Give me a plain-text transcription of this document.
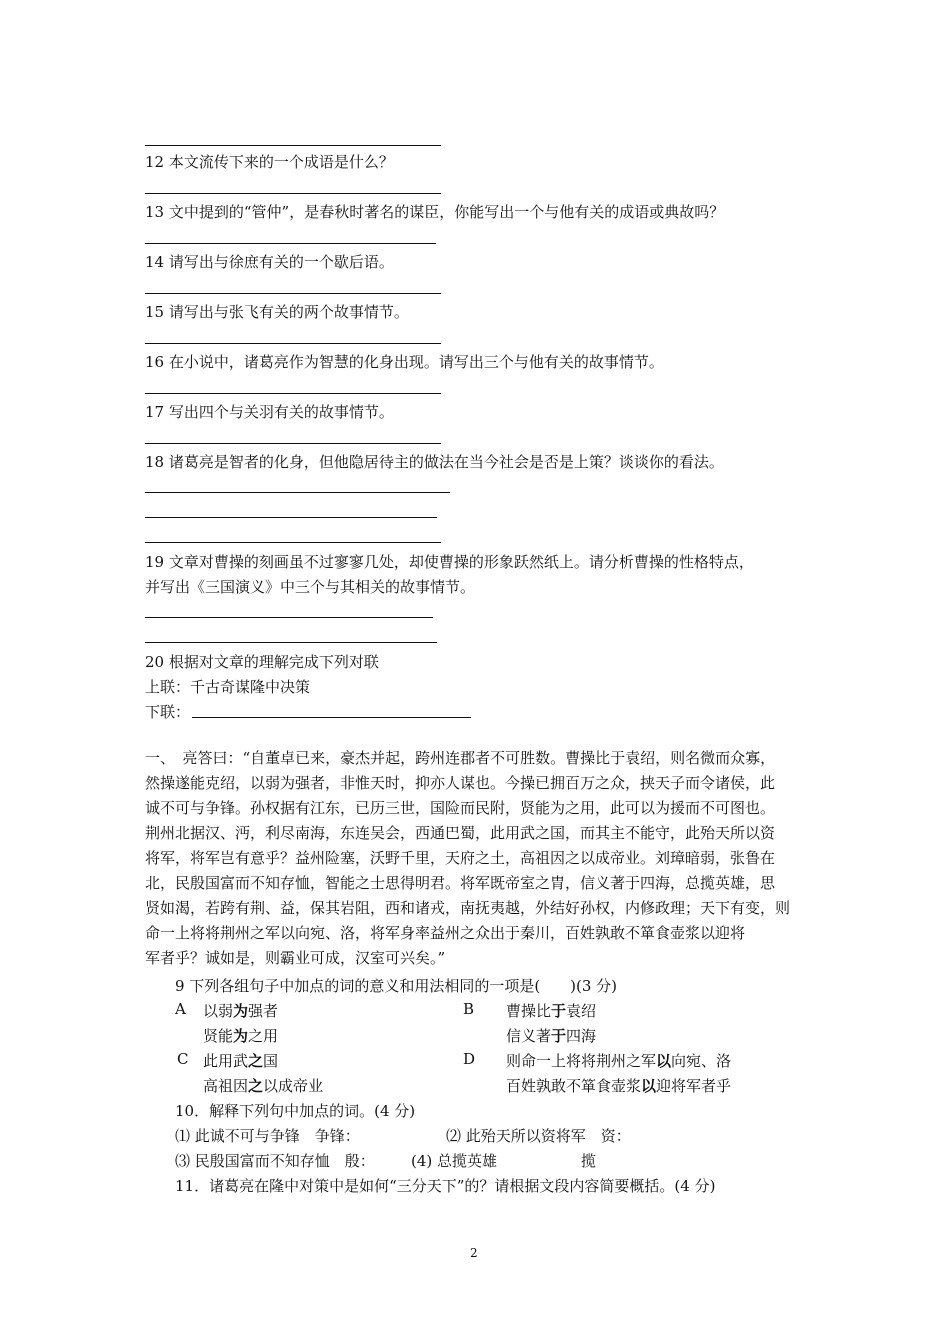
12 本文流传下来的一个成语是什么？
13 文中提到的“管仲”，是春秋时著名的谋臣，你能写出一个与他有关的成语或典故吗？
14 请写出与徐庶有关的一个歇后语。
15 请写出与张飞有关的两个故事情节。
16 在小说中，诸葛亮作为智慧的化身出现。请写出三个与他有关的故事情节。
17 写出四个与关羽有关的故事情节。
18 诸葛亮是智者的化身，但他隐居待主的做法在当今社会是否是上策？谈谈你的看法。
19 文章对曹操的刻画虽不过寥寥几处，却使曹操的形象跃然纸上。请分析曹操的性格特点，
并写出《三国演义》中三个与其相关的故事情节。
20 根据对文章的理解完成下列对联
上联：千古奇谋隆中决策
下联：
一、　亮答曰：“自董卓已来，豪杰并起，跨州连郡者不可胜数。曹操比于袁绍，则名微而众寡，
然操遂能克绍，以弱为强者，非惟天时，抑亦人谋也。今操已拥百万之众，挟天子而令诸侯，此
诚不可与争锋。孙权据有江东，已历三世，国险而民附，贤能为之用，此可以为援而不可图也。
荆州北据汉、沔，利尽南海，东连吴会，西通巴蜀，此用武之国，而其主不能守，此殆天所以资
将军，将军岂有意乎？益州险塞，沃野千里，天府之土，高祖因之以成帝业。刘璋暗弱，张鲁在
北，民殷国富而不知存恤，智能之士思得明君。将军既帝室之胄，信义著于四海，总揽英雄，思
贤如渴，若跨有荆、益，保其岩阻，西和诸戎，南抚夷越，外结好孙权，内修政理；天下有变，则
命一上将将荆州之军以向宛、洛，将军身率益州之众出于秦川，百姓孰敢不箪食壶浆以迎将
军者乎？诚如是，则霸业可成，汉室可兴矣。”
9 下列各组句子中加点的词的意义和用法相同的一项是(　　)(3 分)
A 以弱为强者
贤能为之用
B 曹操比于袁绍
信义著于四海
C 此用武之国
高祖因之以成帝业
D 则命一上将将荆州之军以向宛、洛
百姓孰敢不箪食壶浆以迎将军者乎
10．解释下列句中加点的词。(4 分)
⑴ 此诚不可与争锋　争锋：	⑵ 此殆天所以资将军　资：
⑶ 民殷国富而不知存恤　殷： (4) 总揽英雄	揽
11．诸葛亮在隆中对策中是如何“三分天下”的？请根据文段内容简要概括。(4 分)
2
